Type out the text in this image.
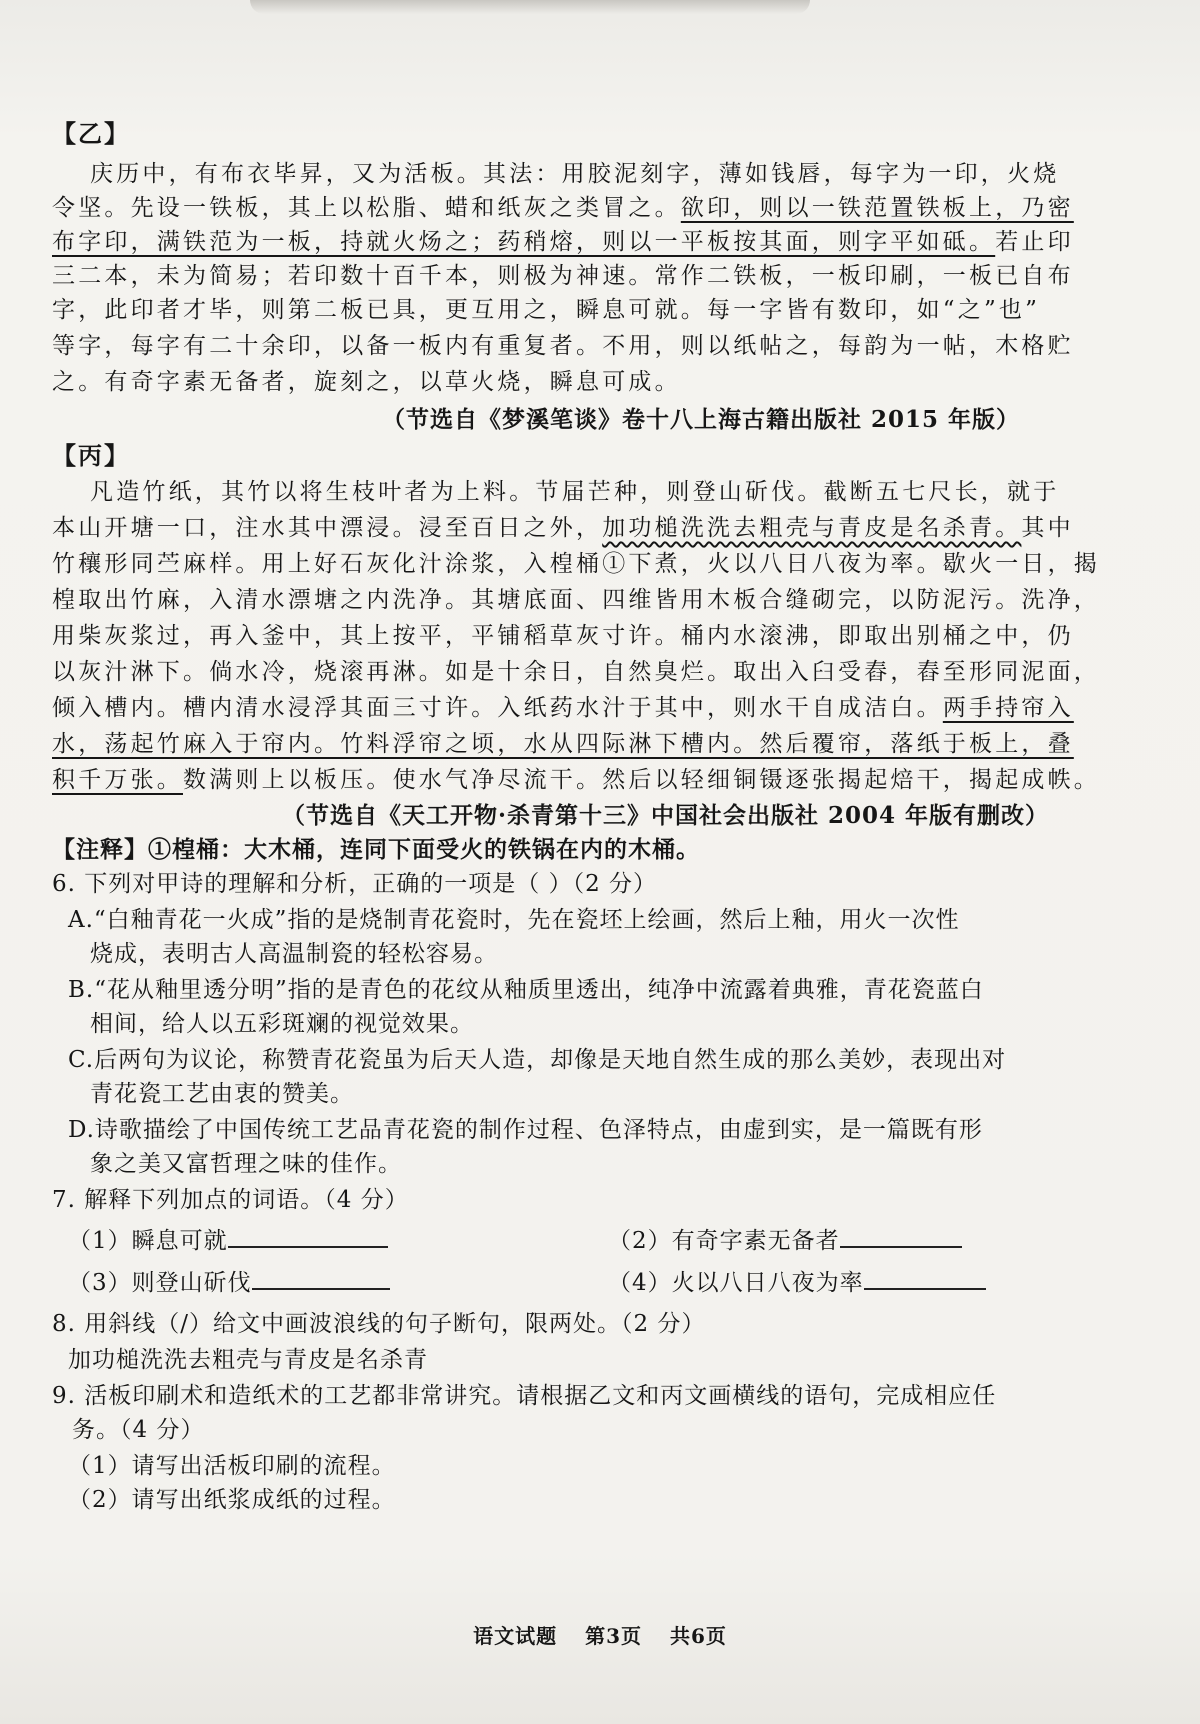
【乙】
庆历中，有布衣毕昇，又为活板。其法：用胶泥刻字，薄如钱唇，每字为一印，火烧
令坚。先设一铁板，其上以松脂、蜡和纸灰之类冒之。欲印，则以一铁范置铁板上，乃密
布字印，满铁范为一板，持就火炀之；药稍熔，则以一平板按其面，则字平如砥。若止印
三二本，未为简易；若印数十百千本，则极为神速。常作二铁板，一板印刷，一板已自布
字，此印者才毕，则第二板已具，更互用之，瞬息可就。每一字皆有数印，如“之”也”
等字，每字有二十余印，以备一板内有重复者。不用，则以纸帖之，每韵为一帖，木格贮
之。有奇字素无备者，旋刻之，以草火烧，瞬息可成。
（节选自《梦溪笔谈》卷十八上海古籍出版社 2015 年版）
【丙】
凡造竹纸，其竹以将生枝叶者为上料。节届芒种，则登山斫伐。截断五七尺长，就于
本山开塘一口，注水其中漂浸。浸至百日之外，加功槌洗洗去粗壳与青皮是名杀青。其中
竹穰形同苎麻样。用上好石灰化汁涂浆，入楻桶①下煮，火以八日八夜为率。歇火一日，揭
楻取出竹麻，入清水漂塘之内洗净。其塘底面、四维皆用木板合缝砌完，以防泥污。洗净，
用柴灰浆过，再入釜中，其上按平，平铺稻草灰寸许。桶内水滚沸，即取出别桶之中，仍
以灰汁淋下。倘水冷，烧滚再淋。如是十余日，自然臭烂。取出入臼受舂，舂至形同泥面，
倾入槽内。槽内清水浸浮其面三寸许。入纸药水汁于其中，则水干自成洁白。两手持帘入
水，荡起竹麻入于帘内。竹料浮帘之顷，水从四际淋下槽内。然后覆帘，落纸于板上，叠
积千万张。数满则上以板压。使水气净尽流干。然后以轻细铜镊逐张揭起焙干，揭起成帙。
（节选自《天工开物·杀青第十三》中国社会出版社 2004 年版有删改）
【注释】①楻桶：大木桶，连同下面受火的铁锅在内的木桶。
6. 下列对甲诗的理解和分析，正确的一项是（ ）（2 分）
A.“白釉青花一火成”指的是烧制青花瓷时，先在瓷坯上绘画，然后上釉，用火一次性
烧成，表明古人高温制瓷的轻松容易。
B.“花从釉里透分明”指的是青色的花纹从釉质里透出，纯净中流露着典雅，青花瓷蓝白
相间，给人以五彩斑斓的视觉效果。
C.后两句为议论，称赞青花瓷虽为后天人造，却像是天地自然生成的那么美妙，表现出对
青花瓷工艺由衷的赞美。
D.诗歌描绘了中国传统工艺品青花瓷的制作过程、色泽特点，由虚到实，是一篇既有形
象之美又富哲理之味的佳作。
7. 解释下列加点的词语。（4 分）
（1）瞬息可就	（2）有奇字素无备者
（3）则登山斫伐	（4）火以八日八夜为率
8. 用斜线（/）给文中画波浪线的句子断句，限两处。（2 分）
加功槌洗洗去粗壳与青皮是名杀青
9. 活板印刷术和造纸术的工艺都非常讲究。请根据乙文和丙文画横线的语句，完成相应任
务。（4 分）
（1）请写出活板印刷的流程。
（2）请写出纸浆成纸的过程。
语文试题 第3页 共6页
